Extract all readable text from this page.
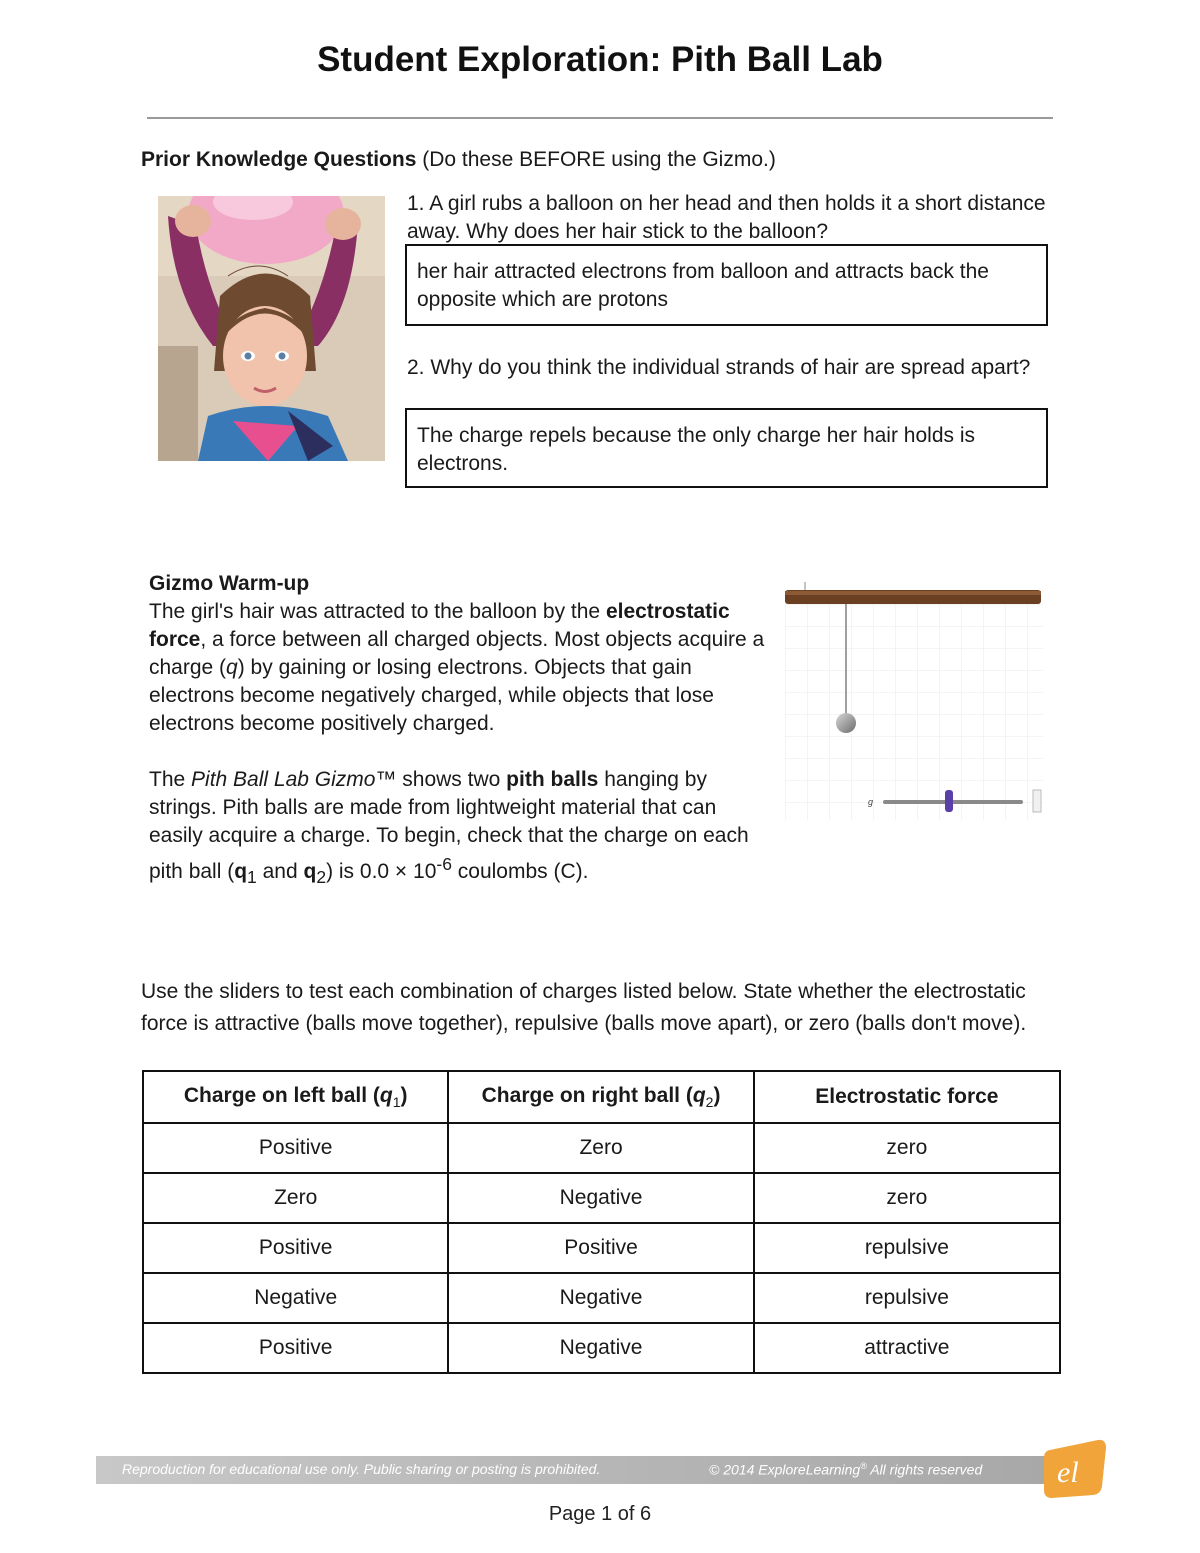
Student Exploration: Pith Ball Lab
Prior Knowledge Questions (Do these BEFORE using the Gizmo.)
1. A girl rubs a balloon on her head and then holds it a short distance away. Why does her hair stick to the balloon?
her hair attracted electrons from balloon and attracts back the opposite which are protons
2. Why do you think the individual strands of hair are spread apart?
The charge repels because the only charge her hair holds is electrons.

Gizmo Warm-up

The girl's hair was attracted to the balloon by the electrostatic force, a force between all charged objects. Most objects acquire a charge (q) by gaining or losing electrons. Objects that gain electrons become negatively charged, while objects that lose electrons become positively charged.

The Pith Ball Lab Gizmo™ shows two pith balls hanging by strings. Pith balls are made from lightweight material that can easily acquire a charge. To begin, check that the charge on each pith ball ($q_1$ and $q_2$) is $0.0 \times 10^{-6}$ coulombs (C).

g
Use the sliders to test each combination of charges listed below. State whether the electrostatic force is attractive (balls move together), repulsive (balls move apart), or zero (balls don't move).
Charge on left ball $(q_1)$	Charge on right ball $(q_2)$	Electrostatic force
Positive	Zero	zero
Zero	Negative	zero
Positive	Positive	repulsive
Negative	Negative	repulsive
Positive	Negative	attractive
Reproduction for educational use only. Public sharing or posting is prohibited.	© 2014 ExploreLearning® All rights reserved el
Page 1 of 6
